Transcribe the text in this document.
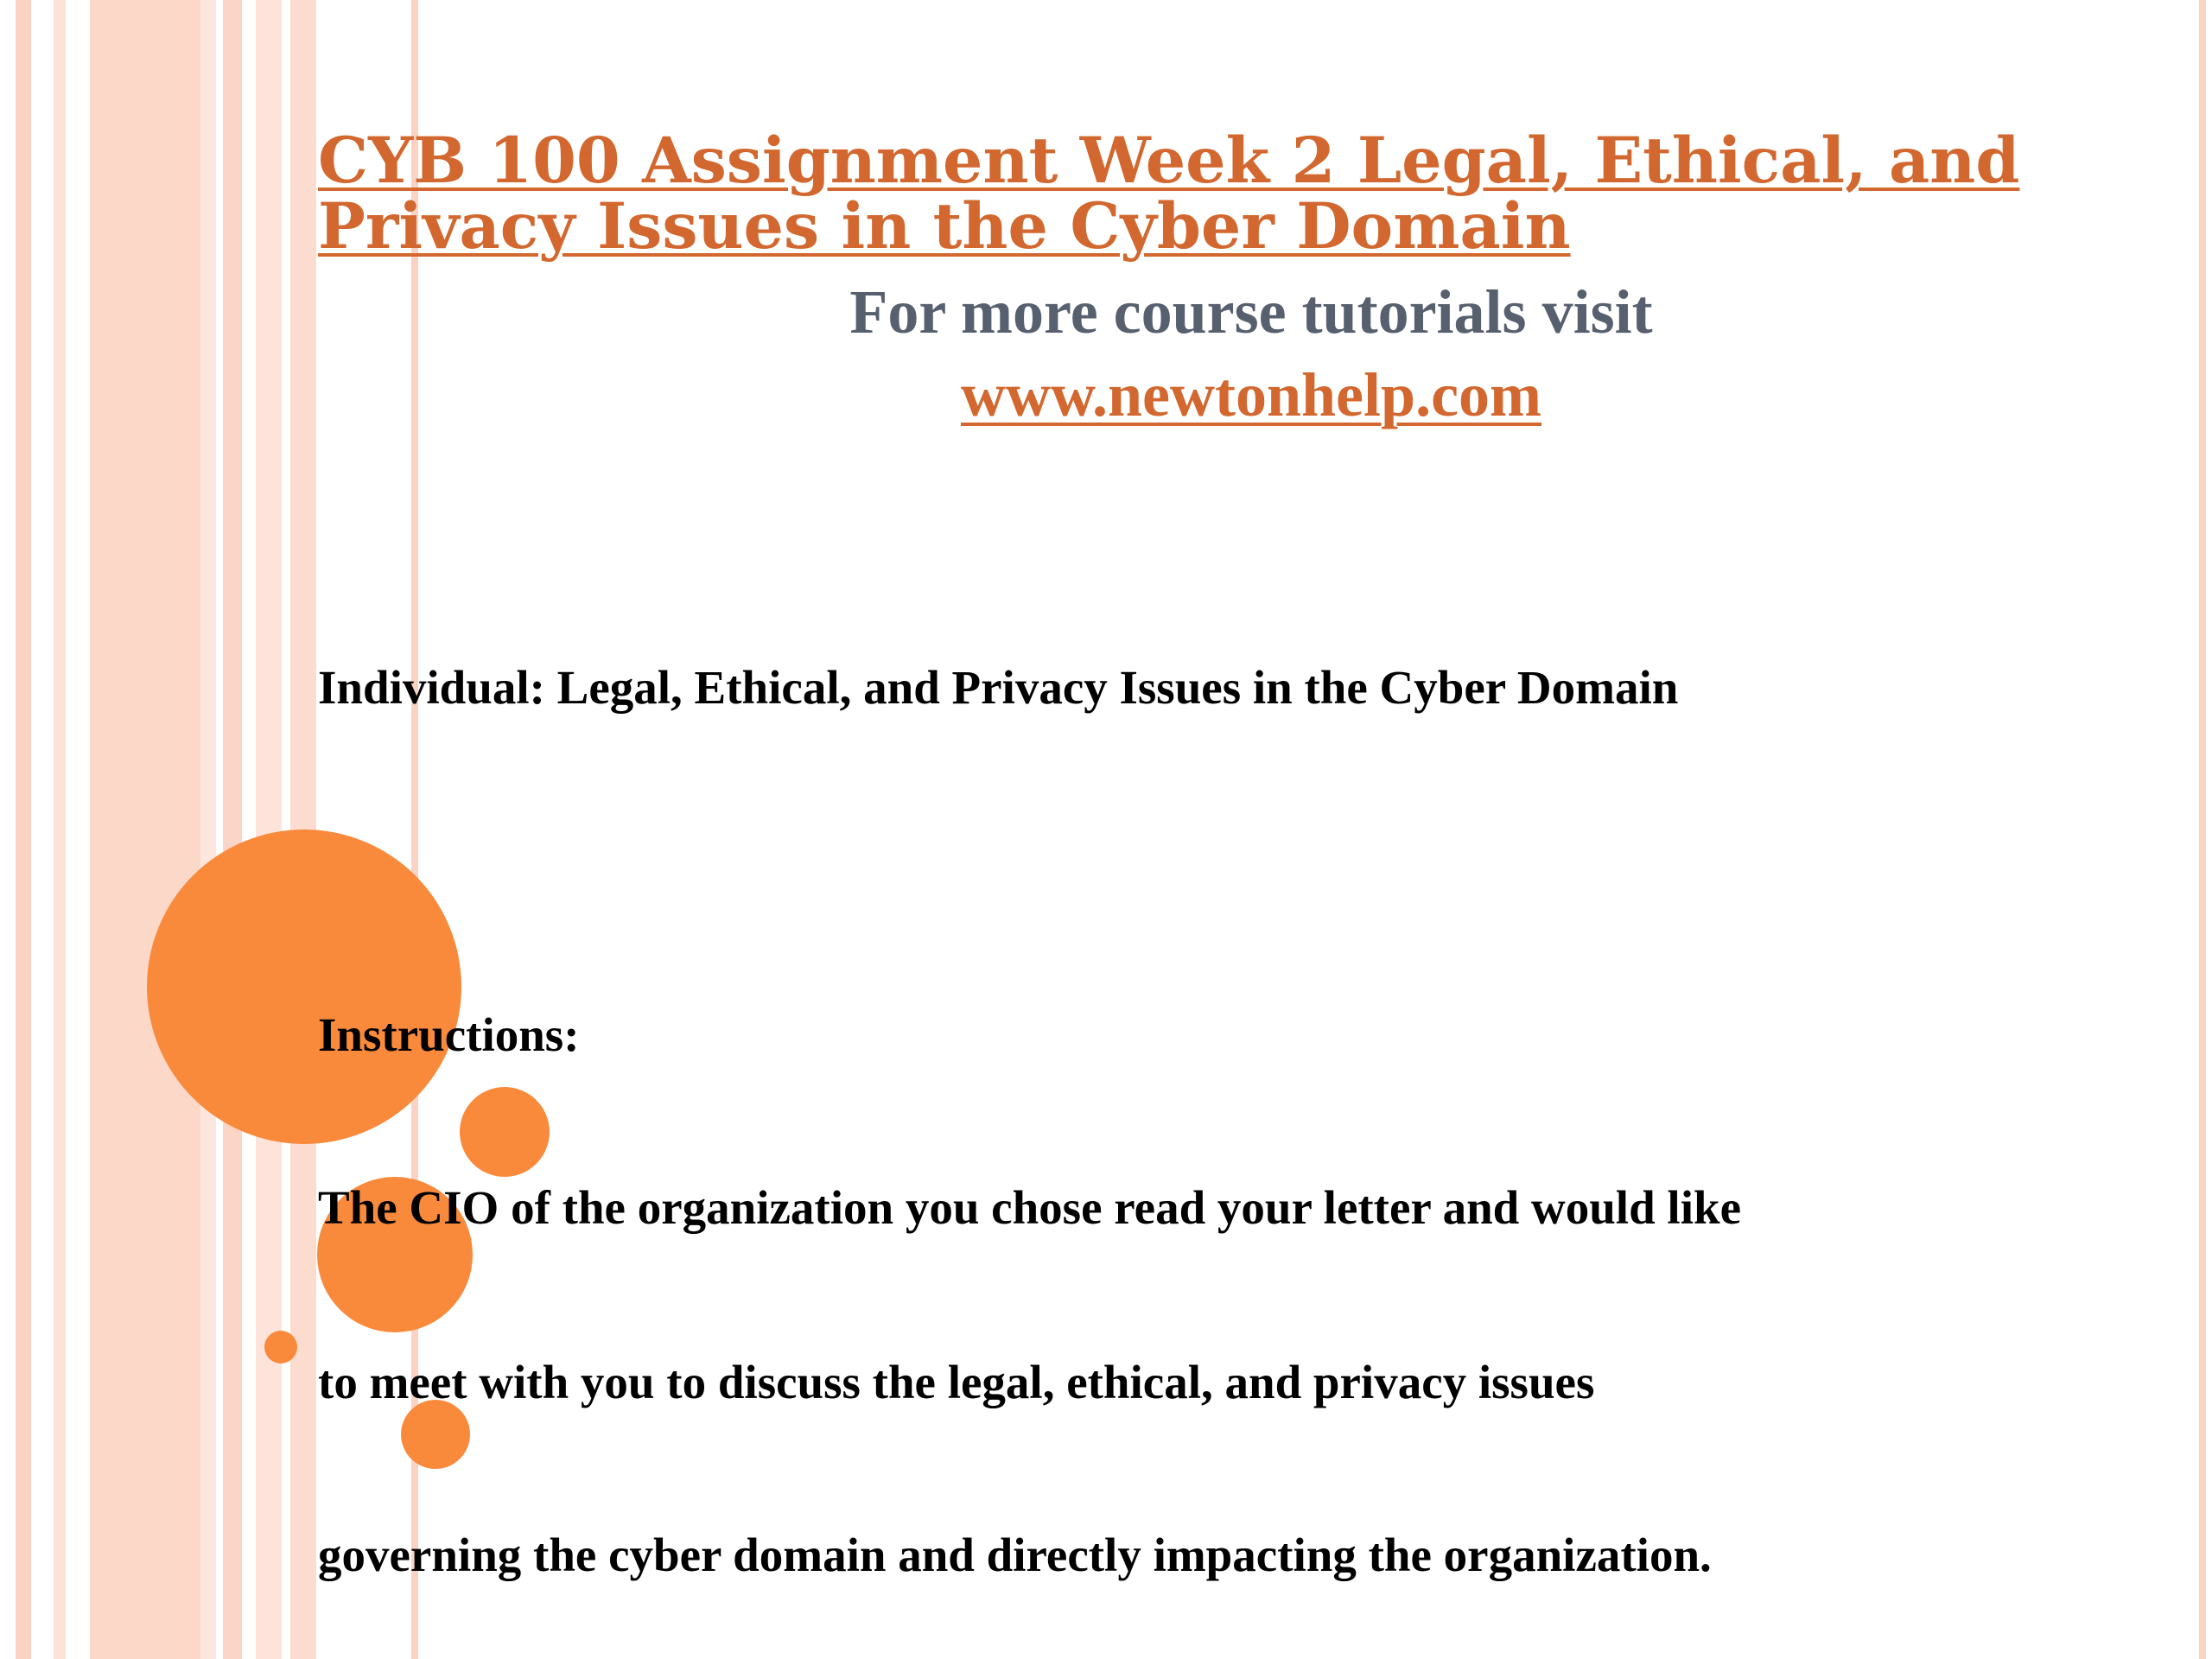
CYB 100 Assignment Week 2 Legal, Ethical, and
Privacy Issues in the Cyber Domain
For more course tutorials visit
www.newtonhelp.com
Individual: Legal, Ethical, and Privacy Issues in the Cyber Domain
Instructions:
The CIO of the organization you chose read your letter and would like
to meet with you to discuss the legal, ethical, and privacy issues
governing the cyber domain and directly impacting the organization.
